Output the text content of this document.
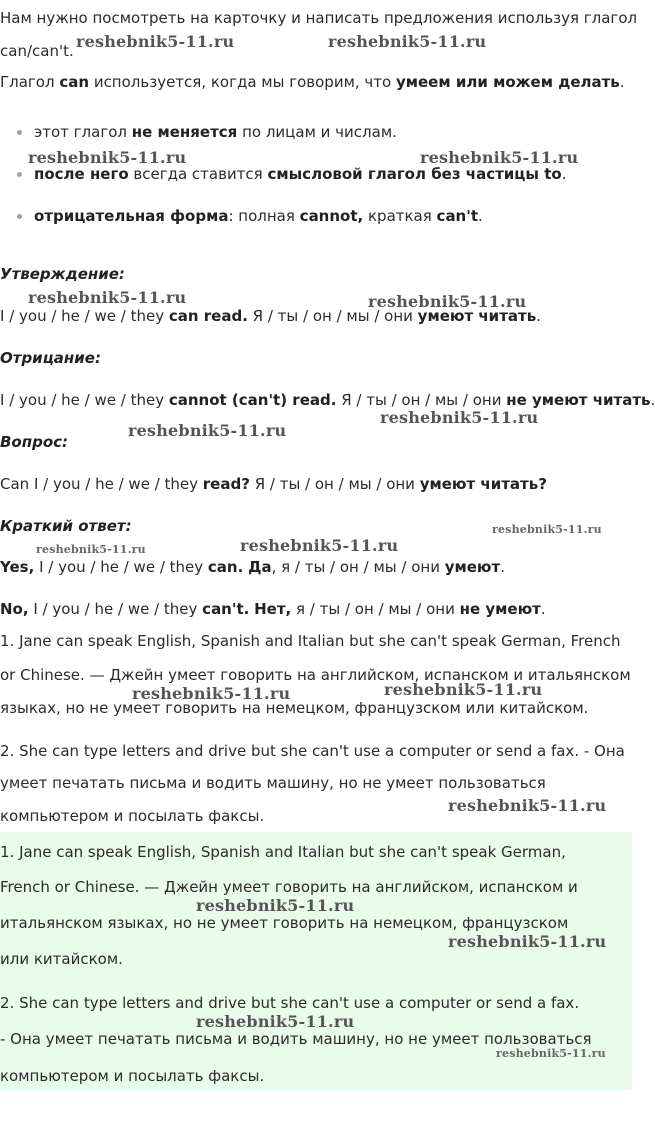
Нам нужно посмотреть на карточку и написать предложения используя глагол
can/can't.
Глагол can используется, когда мы говорим, что умеем или можем делать.
этот глагол не меняется по лицам и числам.
после него всегда ставится смысловой глагол без частицы to.
отрицательная форма: полная cannot, краткая can't.
Утверждение:
I / you / he / we / they can read. Я / ты / он / мы / они умеют читать.
Отрицание:
I / you / he / we / they cannot (can't) read. Я / ты / он / мы / они не умеют читать.
Вопрос:
Can I / you / he / we / they read? Я / ты / он / мы / они умеют читать?
Краткий ответ:
Yes, I / you / he / we / they can. Да, я / ты / он / мы / они умеют.
No, I / you / he / we / they can't. Нет, я / ты / он / мы / они не умеют.
1. Jane can speak English, Spanish and Italian but she can't speak German, French
or Chinese. — Джейн умеет говорить на английском, испанском и итальянском
языках, но не умеет говорить на немецком, французском или китайском.
2. She can type letters and drive but she can't use a computer or send a fax. - Она
умеет печатать письма и водить машину, но не умеет пользоваться
компьютером и посылать факсы.
1. Jane can speak English, Spanish and Italian but she can't speak German,
French or Chinese. — Джейн умеет говорить на английском, испанском и
итальянском языках, но не умеет говорить на немецком, французском
или китайском.
2. She can type letters and drive but she can't use a computer or send a fax.
- Она умеет печатать письма и водить машину, но не умеет пользоваться
компьютером и посылать факсы.
reshebnik5-11.ru	reshebnik5-11.ru
reshebnik5-11.ru	reshebnik5-11.ru
reshebnik5-11.ru	reshebnik5-11.ru
reshebnik5-11.ru
reshebnik5-11.ru
reshebnik5-11.ru
reshebnik5-11.ru
reshebnik5-11.ru
reshebnik5-11.ru	reshebnik5-11.ru
reshebnik5-11.ru
reshebnik5-11.ru
reshebnik5-11.ru
reshebnik5-11.ru
reshebnik5-11.ru
